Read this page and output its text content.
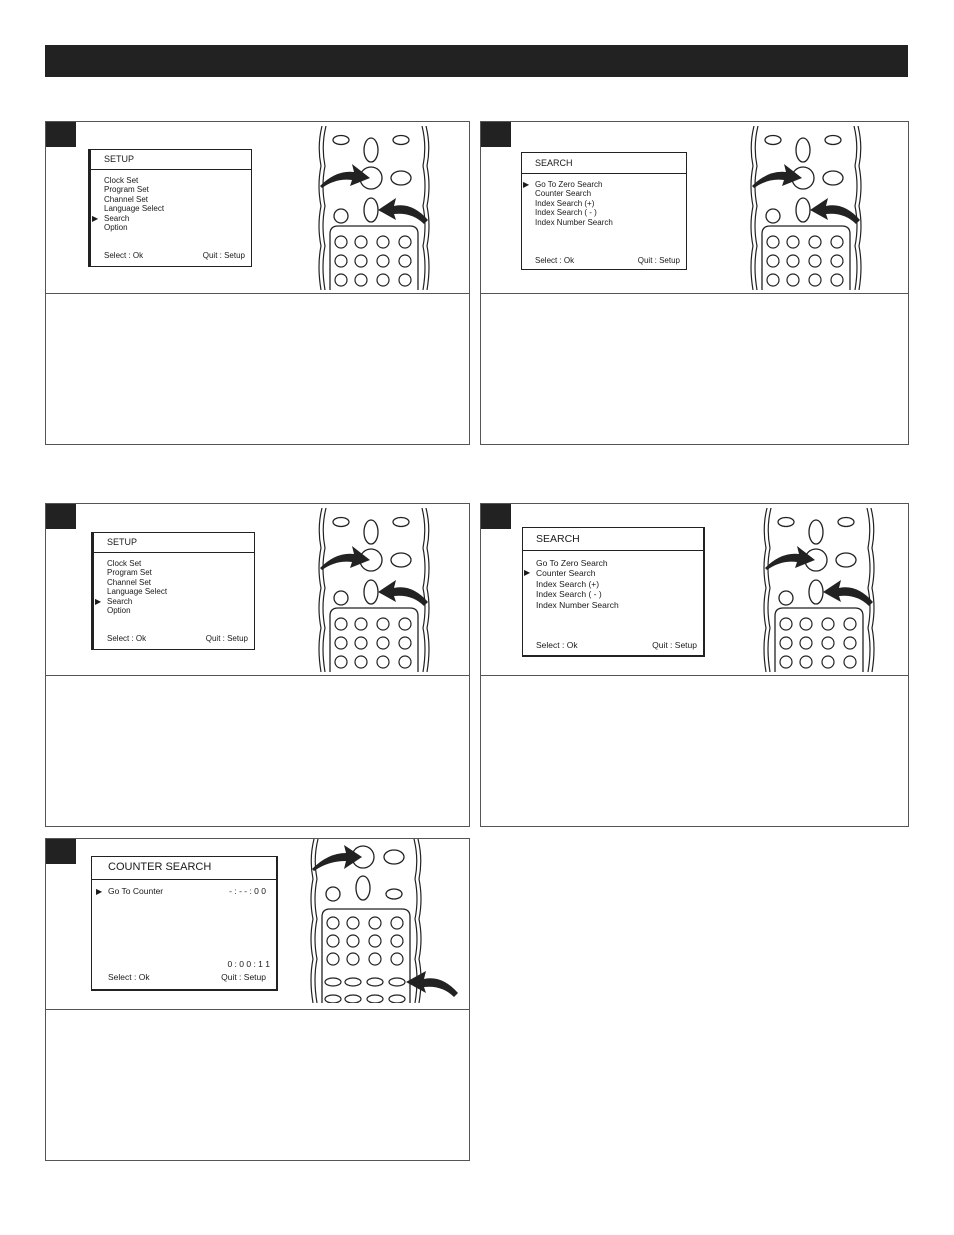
SETUP
Clock Set
Program Set
Channel Set
Language Select
▶ Search
Option
Select : Ok	Quit : Setup
SEARCH
▶ Go To Zero Search
Counter Search
Index Search (+)
Index Search ( - )
Index Number Search
Select : Ok	Quit : Setup
SETUP
Clock Set
Program Set
Channel Set
Language Select
▶ Search
Option
Select : Ok	Quit : Setup
SEARCH
Go To Zero Search
▶ Counter Search
Index Search (+)
Index Search ( - )
Index Number Search
Select : Ok	Quit : Setup
COUNTER SEARCH
▶ Go To Counter	- : - - : 0 0
0 : 0 0 : 1 1
Select : Ok	Quit : Setup
